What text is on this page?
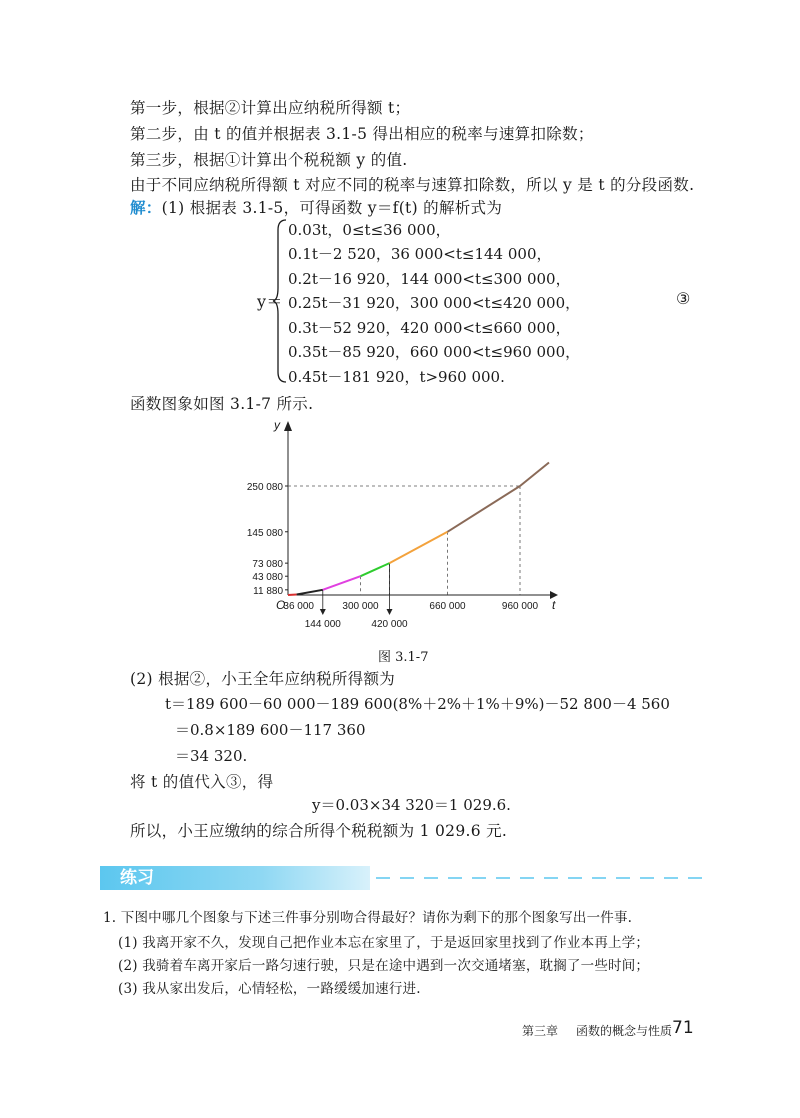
第一步，根据②计算出应纳税所得额 t；
第二步，由 t 的值并根据表 3.1-5 得出相应的税率与速算扣除数；
第三步，根据①计算出个税税额 y 的值.
由于不同应纳税所得额 t 对应不同的税率与速算扣除数，所以 y 是 t 的分段函数.
解：(1) 根据表 3.1-5，可得函数 y＝f(t) 的解析式为
y＝
0.03t，0≤t≤36 000，
0.1t－2 520，36 000<t≤144 000，
0.2t－16 920，144 000<t≤300 000，
0.25t－31 920，300 000<t≤420 000，
0.3t－52 920，420 000<t≤660 000，
0.35t－85 920，660 000<t≤960 000，
0.45t－181 920，t>960 000.
③
函数图象如图 3.1-7 所示.
11 880
43 080
73 080
145 080
250 080
144 000	420 000
36 000	300 000	660 000	960 000
O	t
y
图 3.1-7
(2) 根据②，小王全年应纳税所得额为
t＝189 600－60 000－189 600(8%＋2%＋1%＋9%)－52 800－4 560
＝0.8×189 600－117 360
＝34 320.
将 t 的值代入③，得
y＝0.03×34 320＝1 029.6.
所以，小王应缴纳的综合所得个税税额为 1 029.6 元.
练习
1. 下图中哪几个图象与下述三件事分别吻合得最好？请你为剩下的那个图象写出一件事.
(1) 我离开家不久，发现自己把作业本忘在家里了，于是返回家里找到了作业本再上学；
(2) 我骑着车离开家后一路匀速行驶，只是在途中遇到一次交通堵塞，耽搁了一些时间；
(3) 我从家出发后，心情轻松，一路缓缓加速行进.
第三章 函数的概念与性质 71
